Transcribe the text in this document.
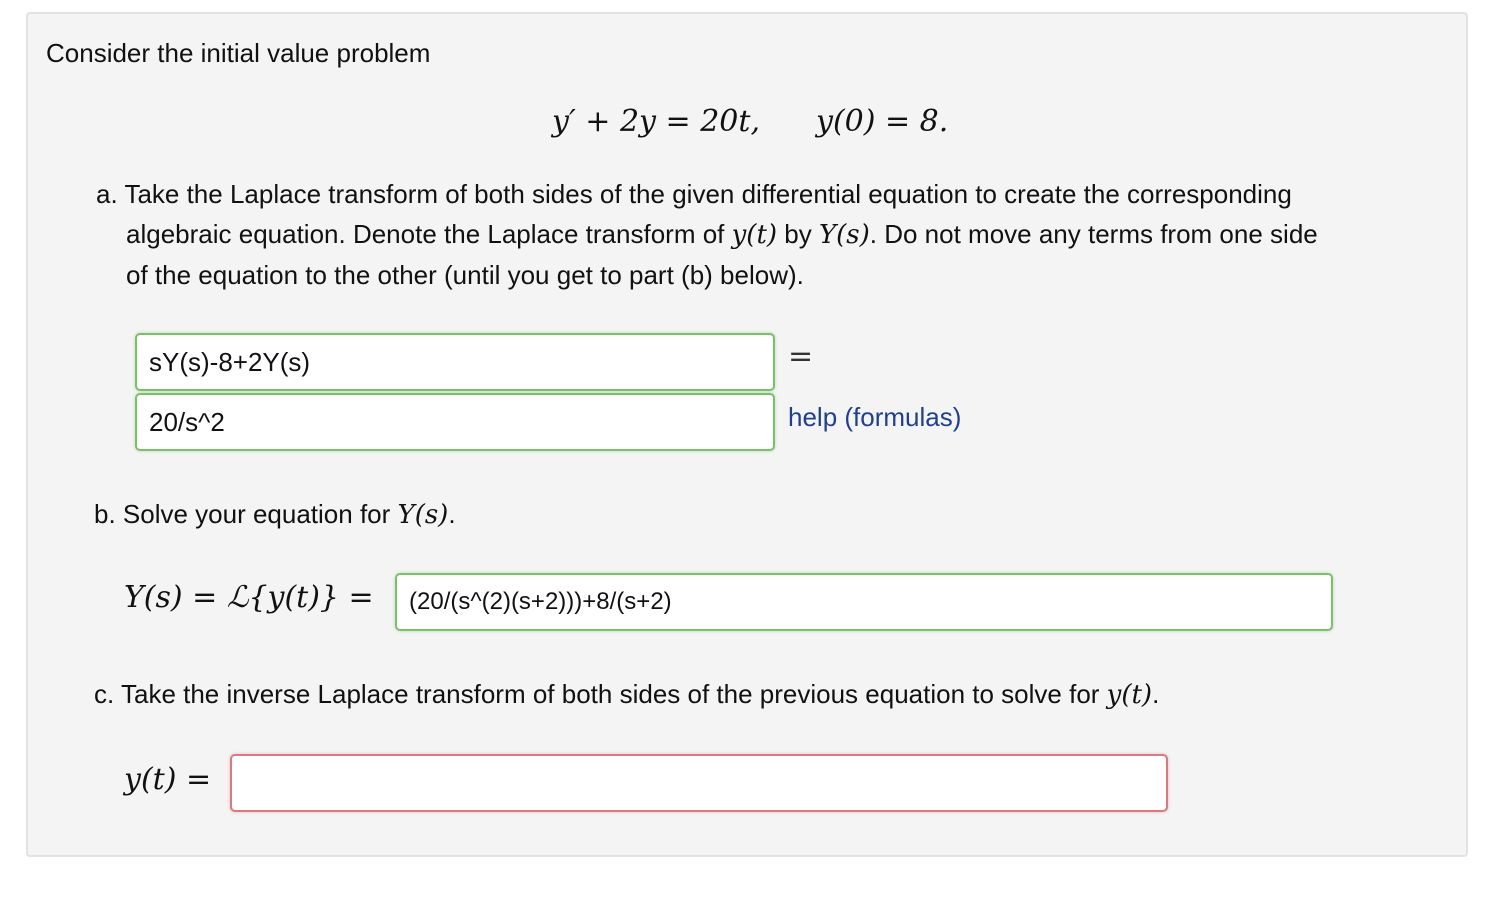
Consider the initial value problem
y′ + 2y = 20t, y(0) = 8.
a. Take the Laplace transform of both sides of the given differential equation to create the corresponding
algebraic equation. Denote the Laplace transform of y(t) by Y(s). Do not move any terms from one side
of the equation to the other (until you get to part (b) below).
sY(s)-8+2Y(s)
=
20/s^2
help (formulas)
b. Solve your equation for Y(s).
Y(s) = ℒ{y(t)} =
(20/(s^(2)(s+2)))+8/(s+2)
c. Take the inverse Laplace transform of both sides of the previous equation to solve for y(t).
y(t) =
